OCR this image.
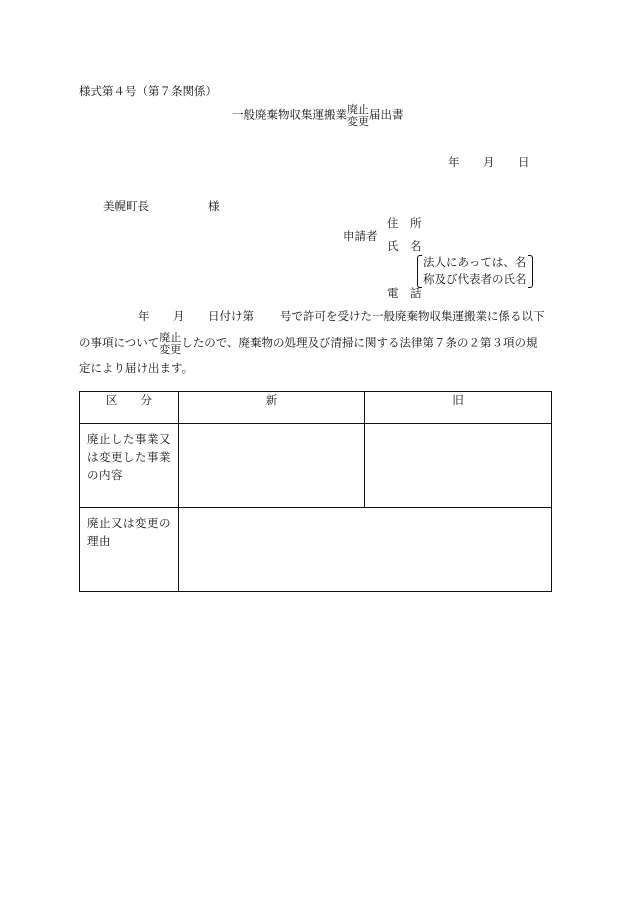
様式第４号（第７条関係）
一般廃棄物収集運搬業 廃止
変更 届出書
年 月 日
美幌町長	様
住　所
申請者
氏　名
法人にあっては、名
称及び代表者の氏名
電　話
年 月 日付け第 号で許可を受けた一般廃棄物収集運搬業に係る以下
の事項について 廃止
変更 したので、廃棄物の処理及び清掃に関する法律第７条の２第３項の規
定により届け出ます。
区　　分	新	旧
廃止した事業又は変更した事業の内容		
廃止又は変更の理由		
